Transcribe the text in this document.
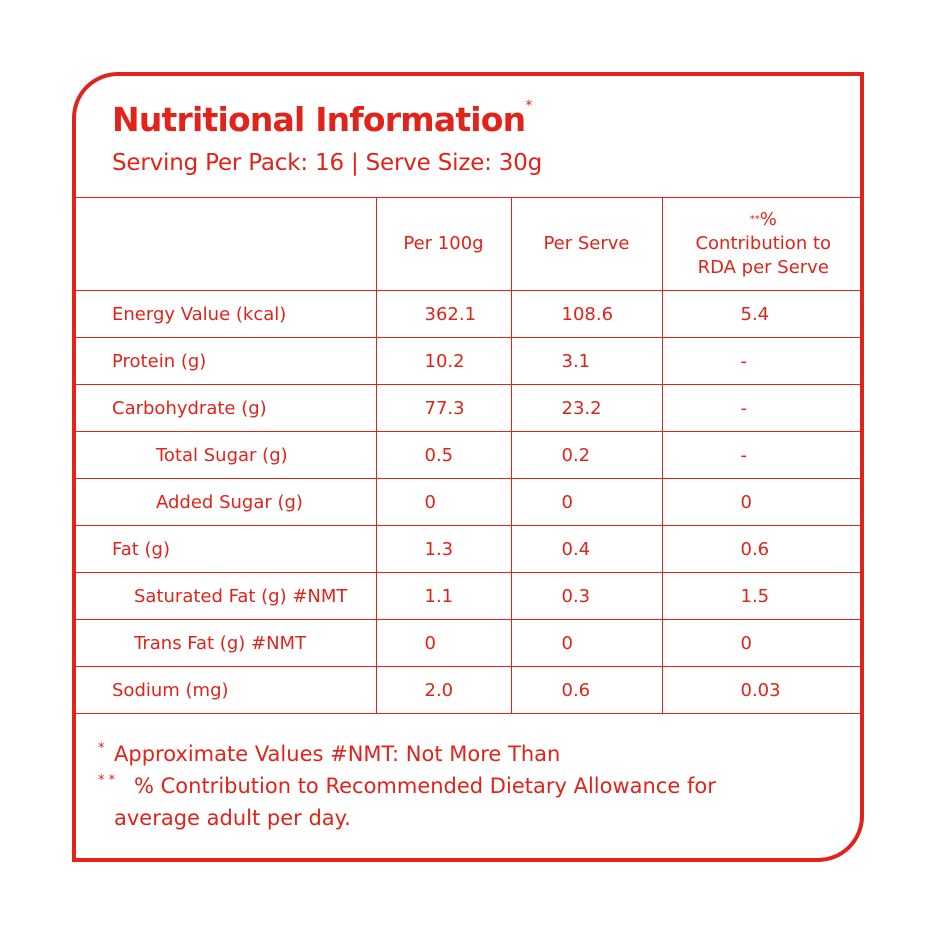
Nutritional Information*
Serving Per Pack: 16 | Serve Size: 30g
	Per 100g	Per Serve	**%
Contribution to
RDA per Serve
Energy Value (kcal)	362.1	108.6	5.4
Protein (g)	10.2	3.1	-
Carbohydrate (g)	77.3	23.2	-
Total Sugar (g)	0.5	0.2	-
Added Sugar (g)	0	0	0
Fat (g)	1.3	0.4	0.6
Saturated Fat (g) #NMT	1.1	0.3	1.5
Trans Fat (g) #NMT	0	0	0
Sodium (mg)	2.0	0.6	0.03
* Approximate Values #NMT: Not More Than
* * % Contribution to Recommended Dietary Allowance for
average adult per day.
